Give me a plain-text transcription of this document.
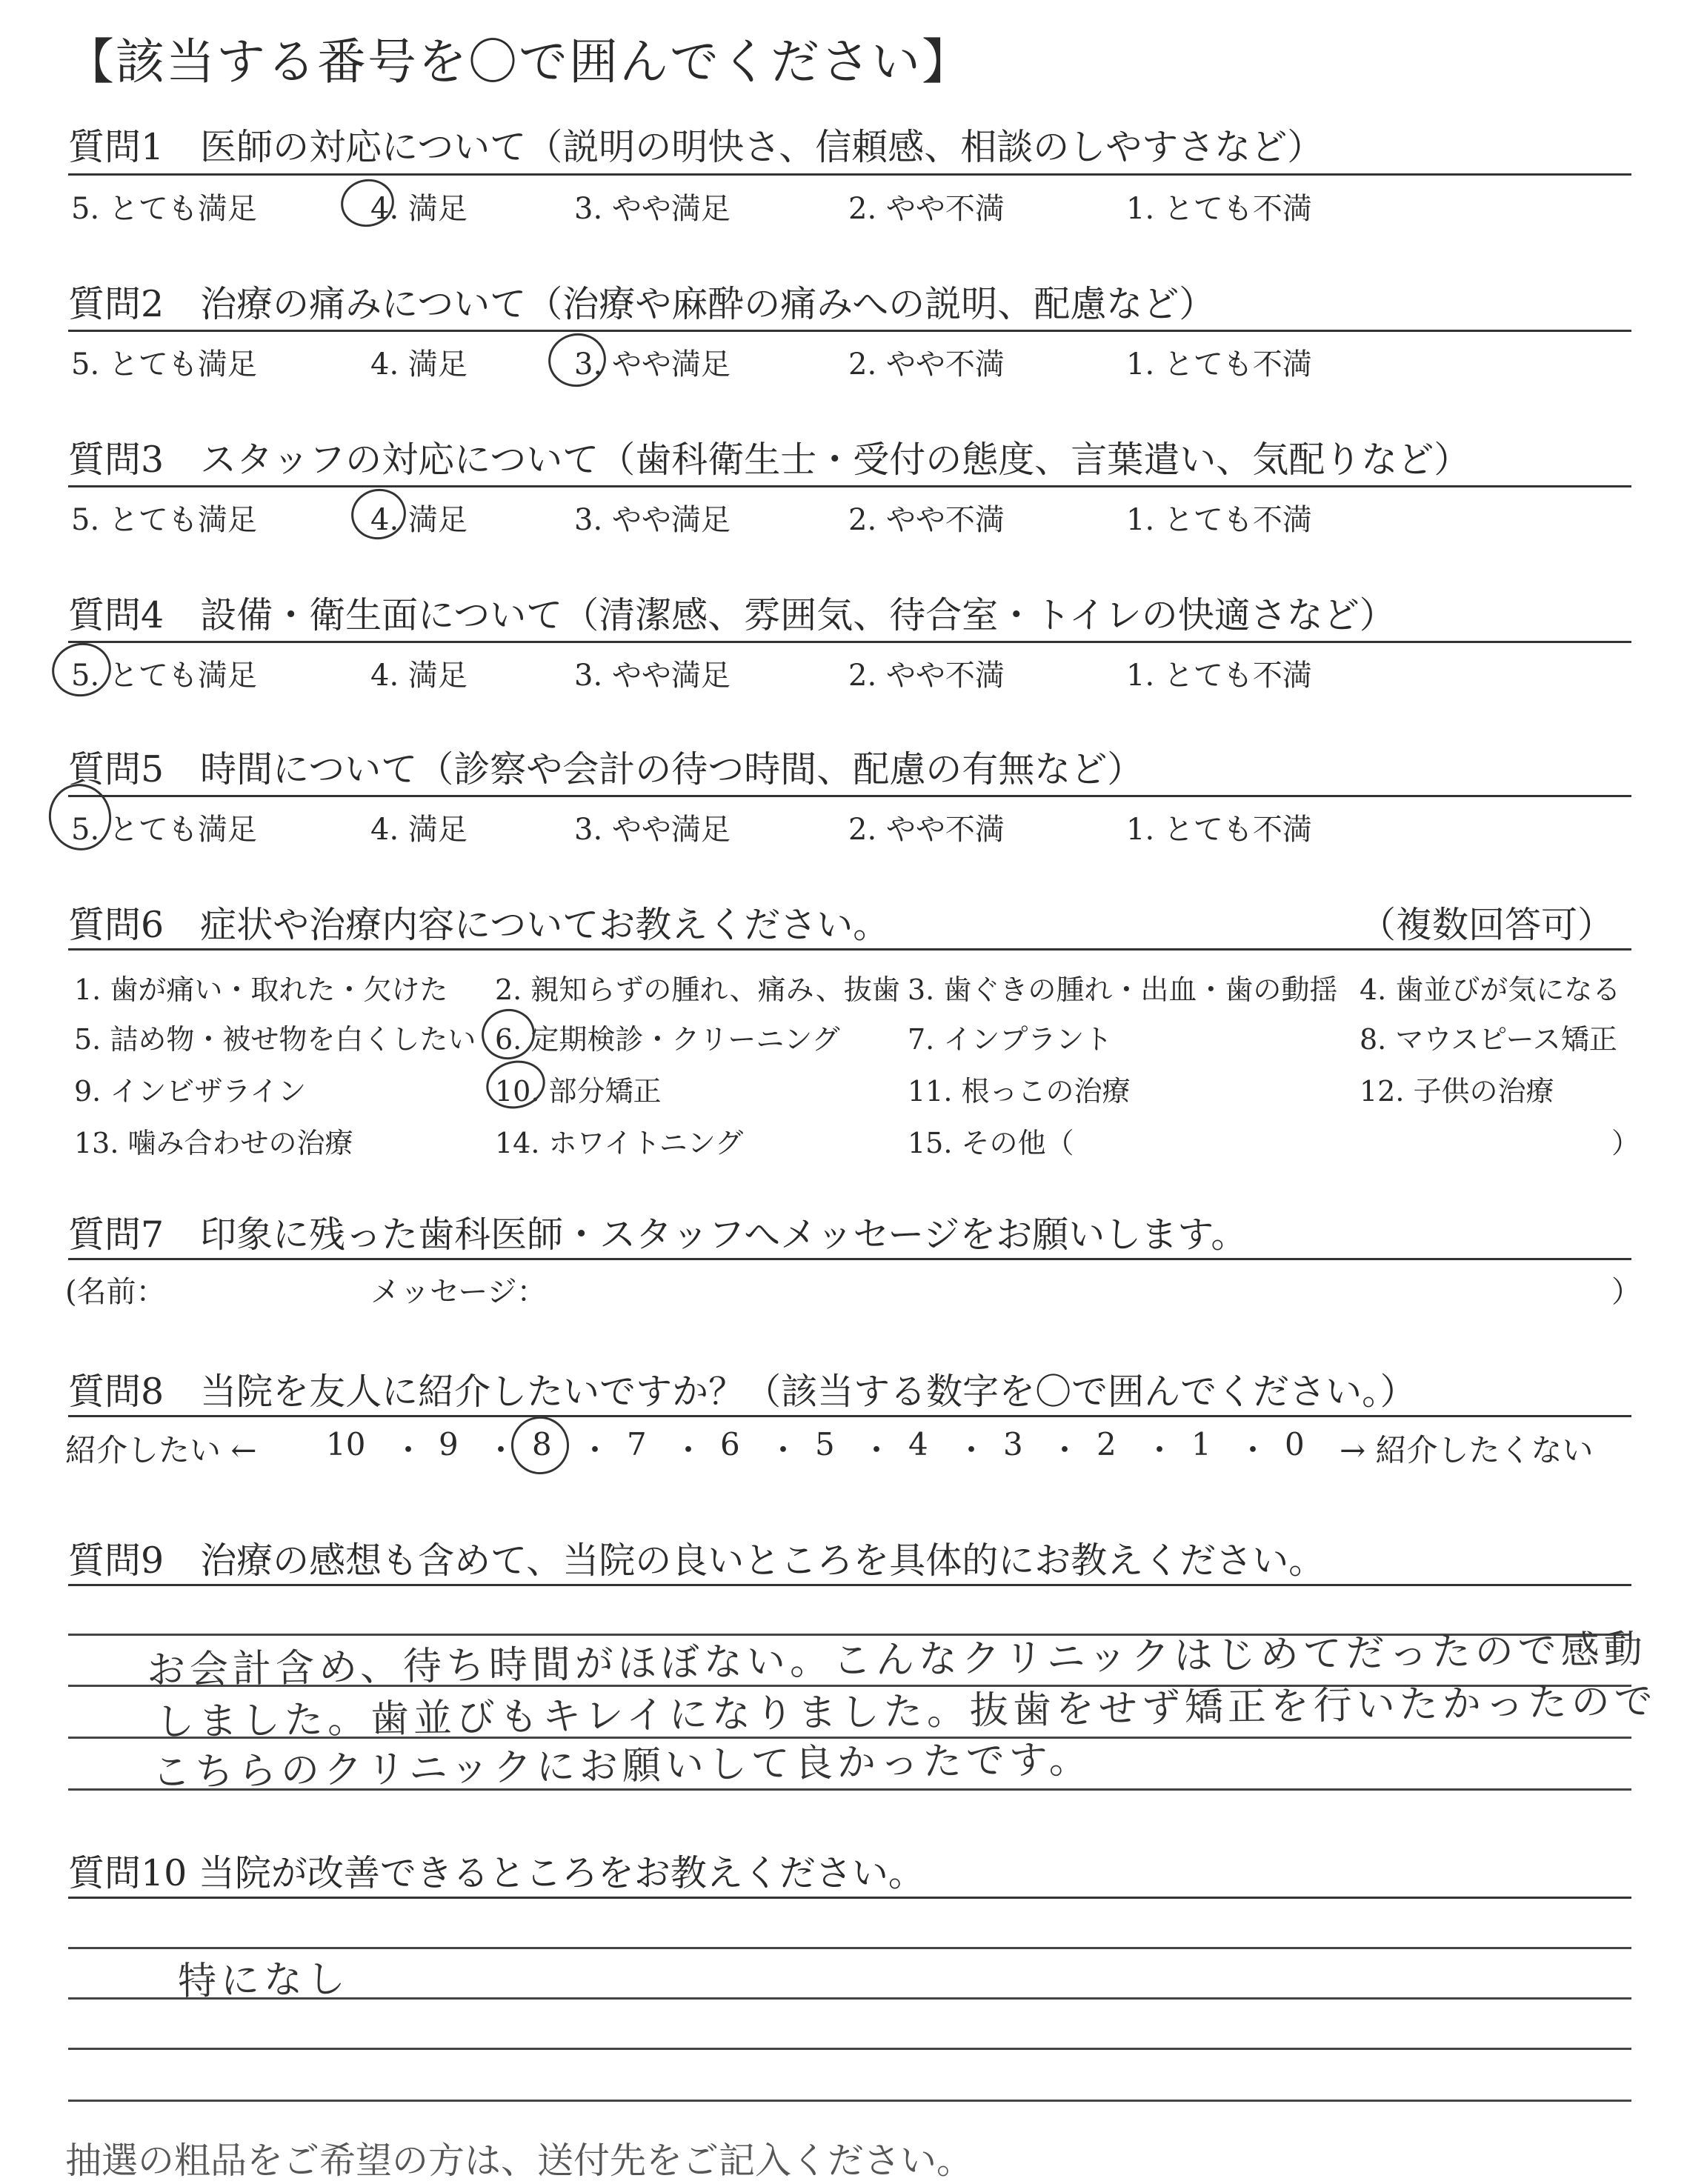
【該当する番号を〇で囲んでください】
質問1　医師の対応について（説明の明快さ、信頼感、相談のしやすさなど）
5. とても満足	4. 満足	3. やや満足	2. やや不満	1. とても不満
質問2　治療の痛みについて（治療や麻酔の痛みへの説明、配慮など）
5. とても満足	4. 満足	3. やや満足	2. やや不満	1. とても不満
質問3　スタッフの対応について（歯科衛生士・受付の態度、言葉遣い、気配りなど）
5. とても満足	4. 満足	3. やや満足	2. やや不満	1. とても不満
質問4　設備・衛生面について（清潔感、雰囲気、待合室・トイレの快適さなど）
5. とても満足	4. 満足	3. やや満足	2. やや不満	1. とても不満
質問5　時間について（診察や会計の待つ時間、配慮の有無など）
5. とても満足	4. 満足	3. やや満足	2. やや不満	1. とても不満
質問6　症状や治療内容についてお教えください。	（複数回答可）
1. 歯が痛い・取れた・欠けた 2. 親知らずの腫れ、痛み、抜歯 3. 歯ぐきの腫れ・出血・歯の動揺 4. 歯並びが気になる
5. 詰め物・被せ物を白くしたい 6. 定期検診・クリーニング 7. インプラント	8. マウスピース矯正
9. インビザライン	10. 部分矯正	11. 根っこの治療	12. 子供の治療
13. 噛み合わせの治療	14. ホワイトニング	15. その他（	）
質問7　印象に残った歯科医師・スタッフへメッセージをお願いします。
(名前：	メッセージ：	）
質問8　当院を友人に紹介したいですか？（該当する数字を〇で囲んでください。）
紹介したい ←	→ 紹介したくない
10 ・ 9 ・ 8 ・ 7 ・ 6 ・ 5 ・ 4 ・ 3 ・ 2 ・ 1 ・ 0
質問9　治療の感想も含めて、当院の良いところを具体的にお教えください。
お会計含め、待ち時間がほぼない。こんなクリニックはじめてだったので感動
しました。歯並びもキレイになりました。抜歯をせず矯正を行いたかったので
こちらのクリニックにお願いして良かったです。
質問10 当院が改善できるところをお教えください。
特になし
抽選の粗品をご希望の方は、送付先をご記入ください。
